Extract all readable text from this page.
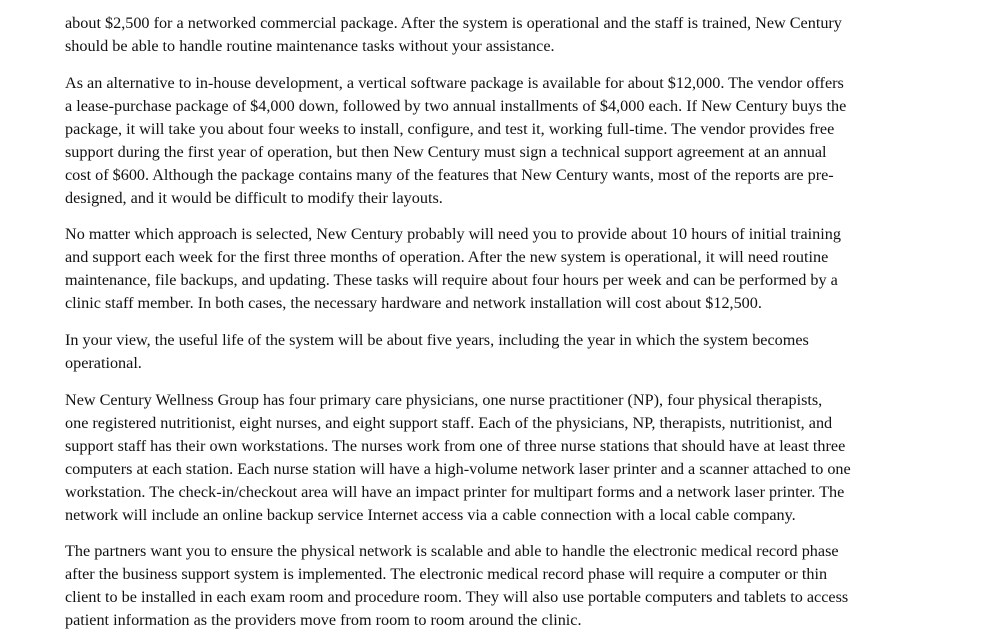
about $2,500 for a networked commercial package. After the system is operational and the staff is trained, New Century
should be able to handle routine maintenance tasks without your assistance.

As an alternative to in-house development, a vertical software package is available for about $12,000. The vendor offers
a lease-purchase package of $4,000 down, followed by two annual installments of $4,000 each. If New Century buys the
package, it will take you about four weeks to install, configure, and test it, working full-time. The vendor provides free
support during the first year of operation, but then New Century must sign a technical support agreement at an annual
cost of $600. Although the package contains many of the features that New Century wants, most of the reports are pre-
designed, and it would be difficult to modify their layouts.

No matter which approach is selected, New Century probably will need you to provide about 10 hours of initial training
and support each week for the first three months of operation. After the new system is operational, it will need routine
maintenance, file backups, and updating. These tasks will require about four hours per week and can be performed by a
clinic staff member. In both cases, the necessary hardware and network installation will cost about $12,500.

In your view, the useful life of the system will be about five years, including the year in which the system becomes
operational.

New Century Wellness Group has four primary care physicians, one nurse practitioner (NP), four physical therapists,
one registered nutritionist, eight nurses, and eight support staff. Each of the physicians, NP, therapists, nutritionist, and
support staff has their own workstations. The nurses work from one of three nurse stations that should have at least three
computers at each station. Each nurse station will have a high-volume network laser printer and a scanner attached to one
workstation. The check-in/checkout area will have an impact printer for multipart forms and a network laser printer. The
network will include an online backup service Internet access via a cable connection with a local cable company.

The partners want you to ensure the physical network is scalable and able to handle the electronic medical record phase
after the business support system is implemented. The electronic medical record phase will require a computer or thin
client to be installed in each exam room and procedure room. They will also use portable computers and tablets to access
patient information as the providers move from room to room around the clinic.
